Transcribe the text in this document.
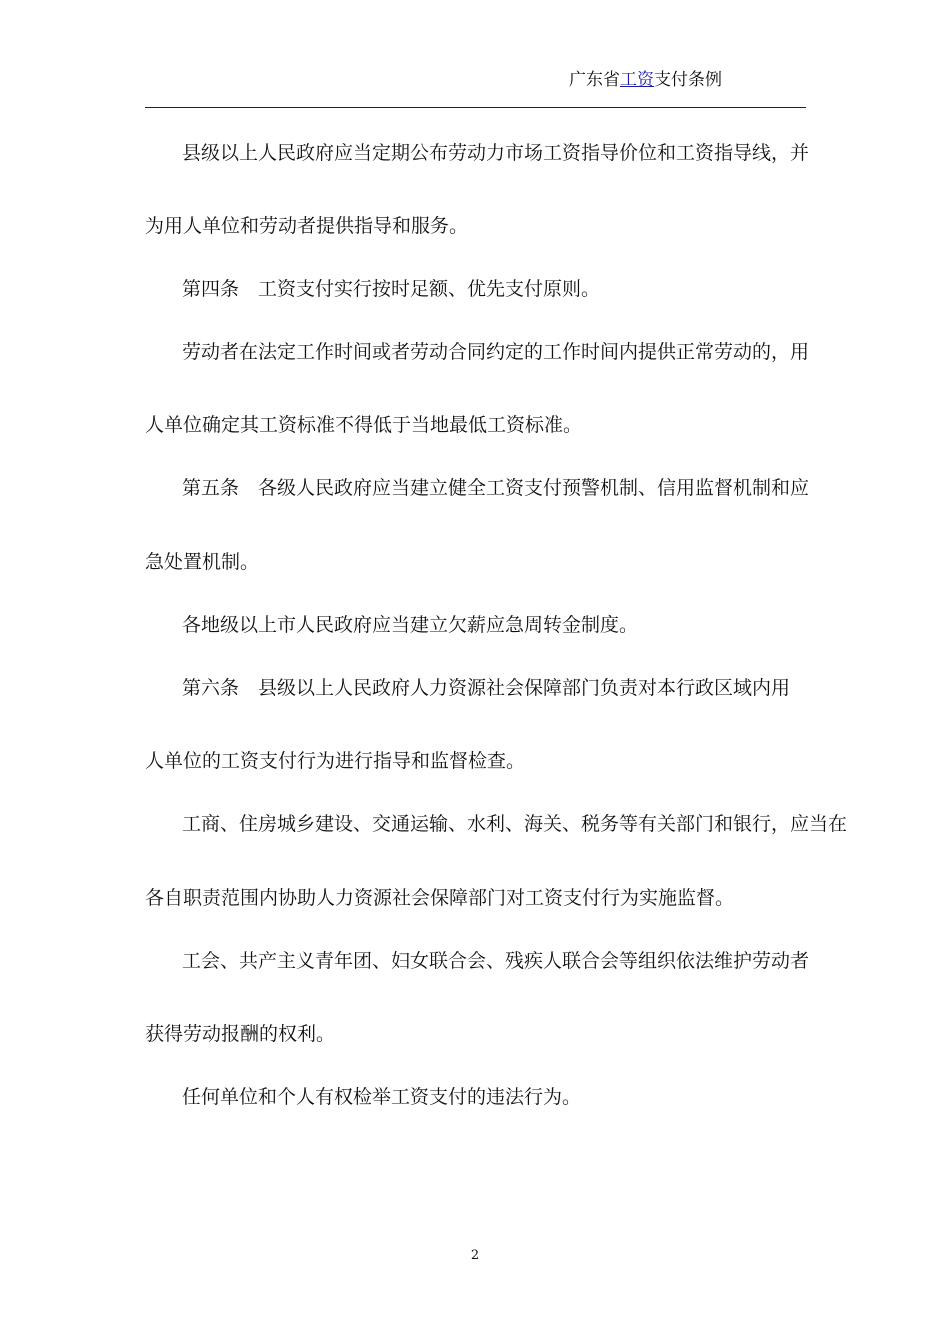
广东省工资支付条例
县级以上人民政府应当定期公布劳动力市场工资指导价位和工资指导线，并
为用人单位和劳动者提供指导和服务。
第四条　工资支付实行按时足额、优先支付原则。
劳动者在法定工作时间或者劳动合同约定的工作时间内提供正常劳动的，用
人单位确定其工资标准不得低于当地最低工资标准。
第五条　各级人民政府应当建立健全工资支付预警机制、信用监督机制和应
急处置机制。
各地级以上市人民政府应当建立欠薪应急周转金制度。
第六条　县级以上人民政府人力资源社会保障部门负责对本行政区域内用
人单位的工资支付行为进行指导和监督检查。
工商、住房城乡建设、交通运输、水利、海关、税务等有关部门和银行，应当在
各自职责范围内协助人力资源社会保障部门对工资支付行为实施监督。
工会、共产主义青年团、妇女联合会、残疾人联合会等组织依法维护劳动者
获得劳动报酬的权利。
任何单位和个人有权检举工资支付的违法行为。
2
